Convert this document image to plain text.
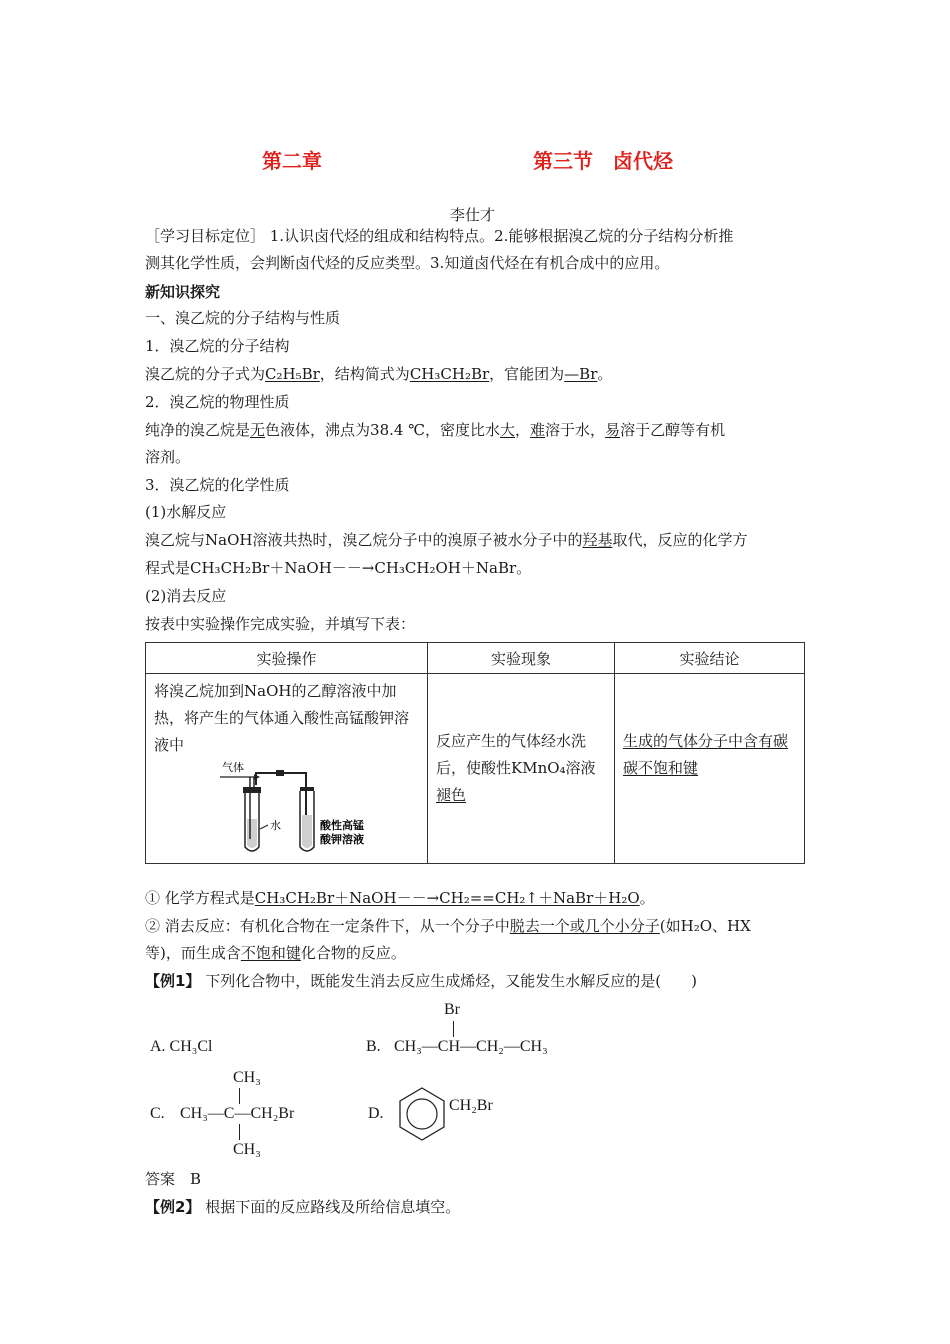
第二章	第三节　卤代烃
李仕才
［学习目标定位］ 1.认识卤代烃的组成和结构特点。2.能够根据溴乙烷的分子结构分析推
测其化学性质，会判断卤代烃的反应类型。3.知道卤代烃在有机合成中的应用。
新知识探究
一、溴乙烷的分子结构与性质
1．溴乙烷的分子结构
溴乙烷的分子式为C₂H₅Br，结构简式为CH₃CH₂Br，官能团为—Br。
2．溴乙烷的物理性质
纯净的溴乙烷是无色液体，沸点为38.4 ℃，密度比水大，难溶于水，易溶于乙醇等有机
溶剂。
3．溴乙烷的化学性质
(1)水解反应
溴乙烷与NaOH溶液共热时，溴乙烷分子中的溴原子被水分子中的羟基取代，反应的化学方
程式是CH₃CH₂Br＋NaOH－－→CH₃CH₂OH＋NaBr。
(2)消去反应
按表中实验操作完成实验，并填写下表：
实验操作	实验现象	实验结论

将溴乙烷加到NaOH的乙醇溶液中加热，将产生的气体通入酸性高锰酸钾溶液中
气体
水 酸性高锰
酸钾溶液	反应产生的气体经水洗后，使酸性KMnO₄溶液褪色	生成的气体分子中含有碳碳不饱和键
① 化学方程式是CH₃CH₂Br＋NaOH－－→CH₂==CH₂↑＋NaBr＋H₂O。
② 消去反应：有机化合物在一定条件下，从一个分子中脱去一个或几个小分子(如H₂O、HX
等)，而生成含不饱和键化合物的反应。
【例1】 下列化合物中，既能发生消去反应生成烯烃，又能发生水解反应的是(　　)
A. CH₃Cl	B.
Br
CH₃—CH—CH₂—CH₃
C.
CH₃
CH₃—C—CH₂Br
CH₃
D.	CH₂Br
答案　B
【例2】 根据下面的反应路线及所给信息填空。
